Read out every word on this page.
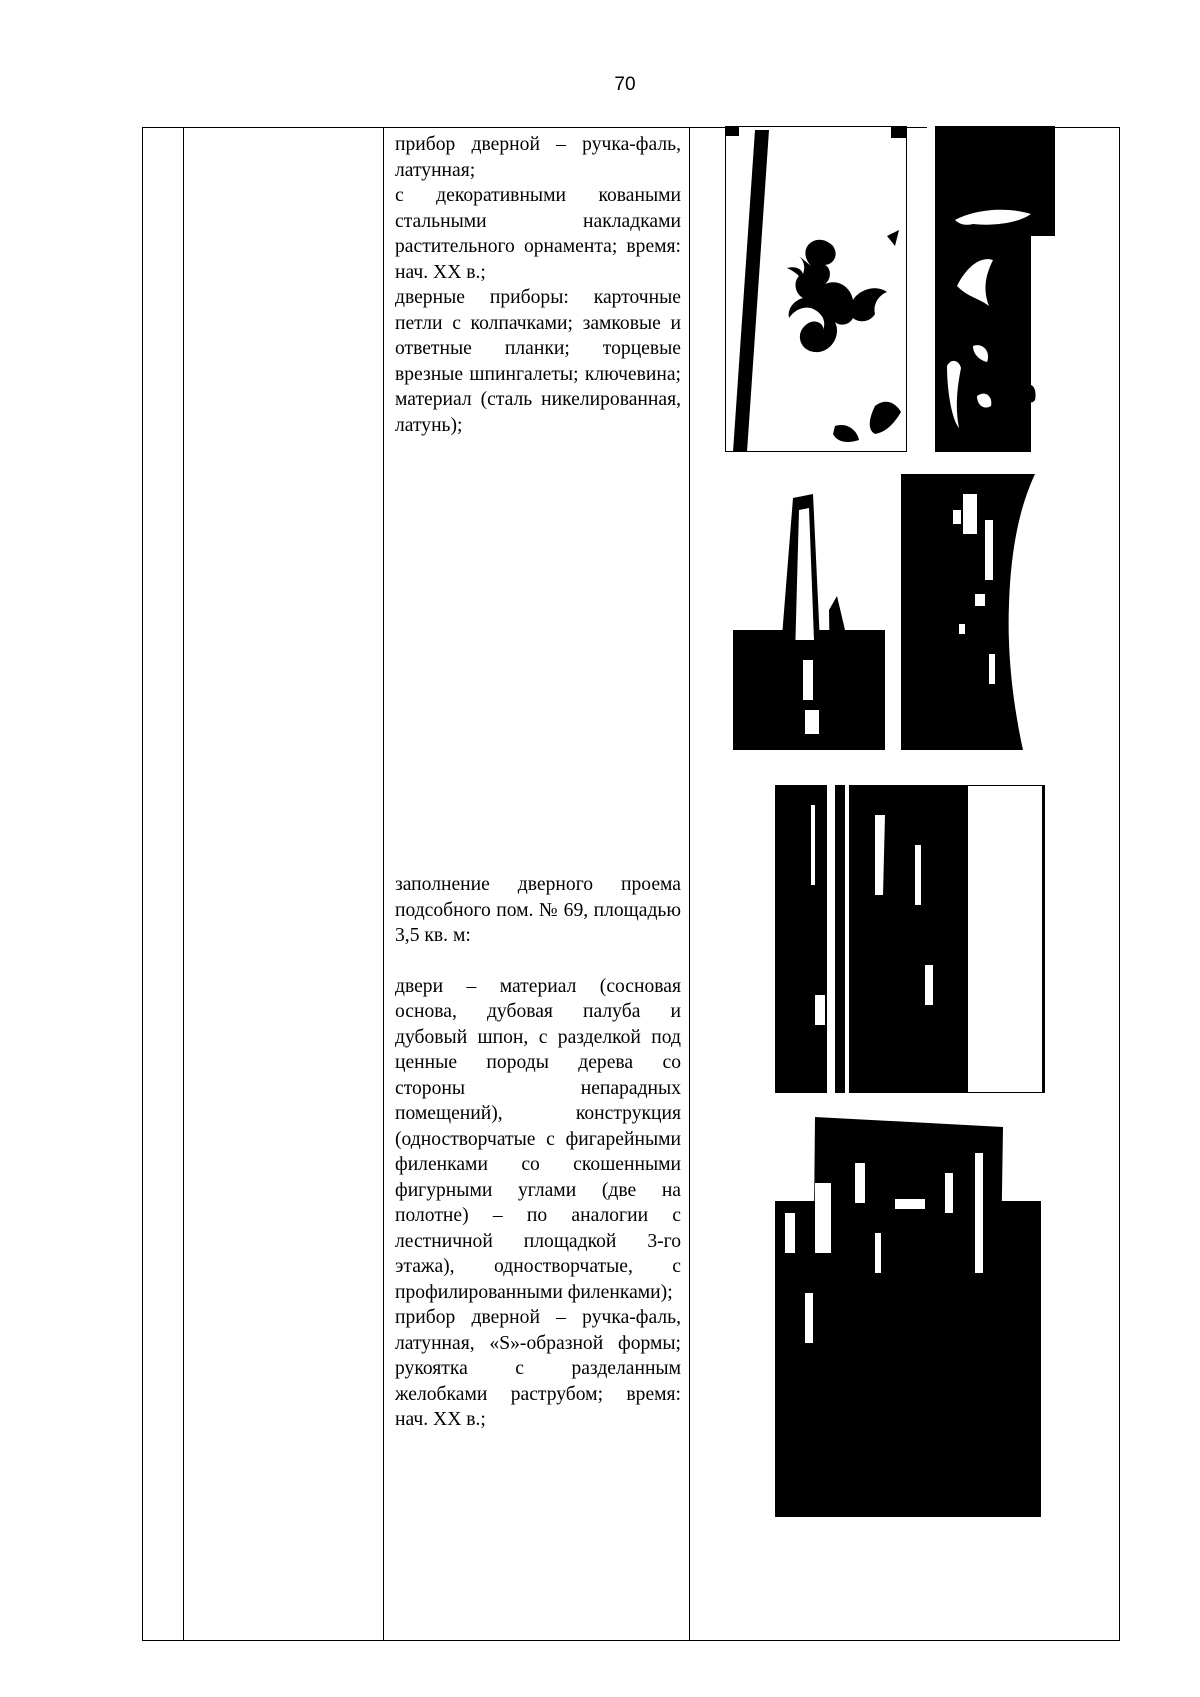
70

прибор дверной – ручка-фаль, латунная;

с декоративными коваными стальными накладками растительного орнамента; время: нач. XX в.;

дверные приборы: карточные петли с колпачками; замковые и ответные планки; торцевые врезные шпингалеты; ключевина; материал (сталь никелированная, латунь);

заполнение дверного проема подсобного пом. № 69, площадью 3,5 кв. м:

двери – материал (сосновая основа, дубовая палуба и дубовый шпон, с разделкой под ценные породы дерева со стороны непарадных помещений), конструкция (одностворчатые с фигарейными филенками со скошенными фигурными углами (две на полотне) – по аналогии с лестничной площадкой 3-го этажа), одностворчатые, с профилированными филенками);

прибор дверной – ручка-фаль, латунная, «S»-образной формы; рукоятка с разделанным желобками раструбом; время: нач. XX в.;
